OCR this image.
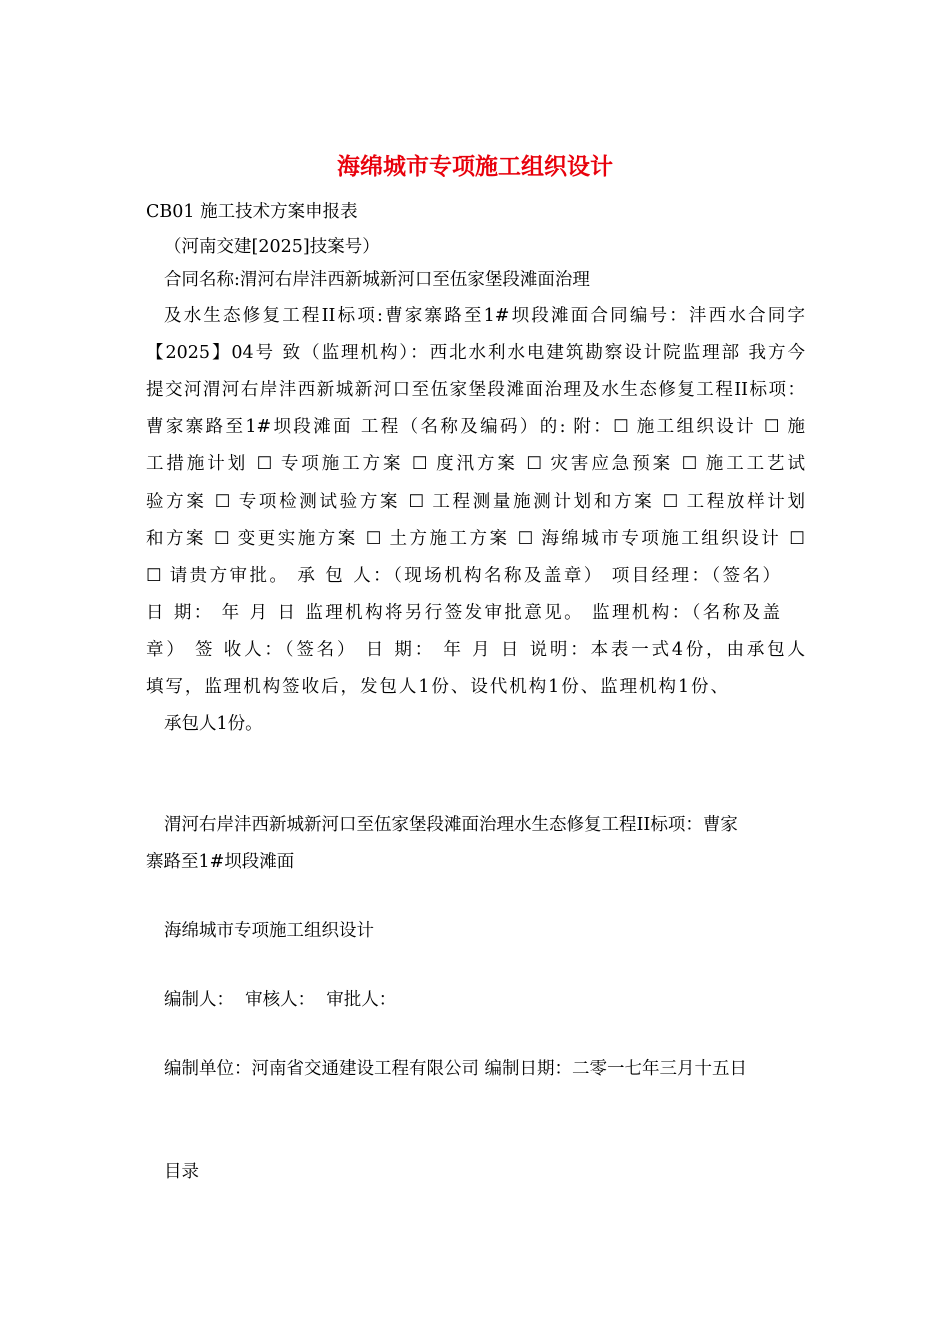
海绵城市专项施工组织设计
CB01 施工技术方案申报表
（河南交建[2025]技案号）
合同名称:渭河右岸沣西新城新河口至伍家堡段滩面治理
及水生态修复工程II标项:曹家寨路至1#坝段滩面合同编号：沣西水合同字
【2025】04号 致（监理机构）：西北水利水电建筑勘察设计院监理部 我方今
提交河渭河右岸沣西新城新河口至伍家堡段滩面治理及水生态修复工程II标项：
曹家寨路至1#坝段滩面 工程（名称及编码）的: 附：☐ 施工组织设计 ☐ 施
工措施计划 ☐ 专项施工方案 ☐ 度汛方案 ☐ 灾害应急预案 ☐ 施工工艺试
验方案 ☐ 专项检测试验方案 ☐ 工程测量施测计划和方案 ☐ 工程放样计划
和方案 ☐ 变更实施方案 ☐ 土方施工方案 ☐ 海绵城市专项施工组织设计 ☐
☐ 请贵方审批。 承 包 人：（现场机构名称及盖章） 项目经理：（签名）
日 期： 年 月 日 监理机构将另行签发审批意见。 监理机构：（名称及盖
章） 签 收人：（签名） 日 期： 年 月 日 说明：本表一式4份，由承包人
填写，监理机构签收后，发包人1份、设代机构1份、监理机构1份、
承包人1份。
渭河右岸沣西新城新河口至伍家堡段滩面治理水生态修复工程II标项：曹家
寨路至1#坝段滩面
海绵城市专项施工组织设计
编制人：  审核人：  审批人：
编制单位：河南省交通建设工程有限公司 编制日期：二零一七年三月十五日
目录
